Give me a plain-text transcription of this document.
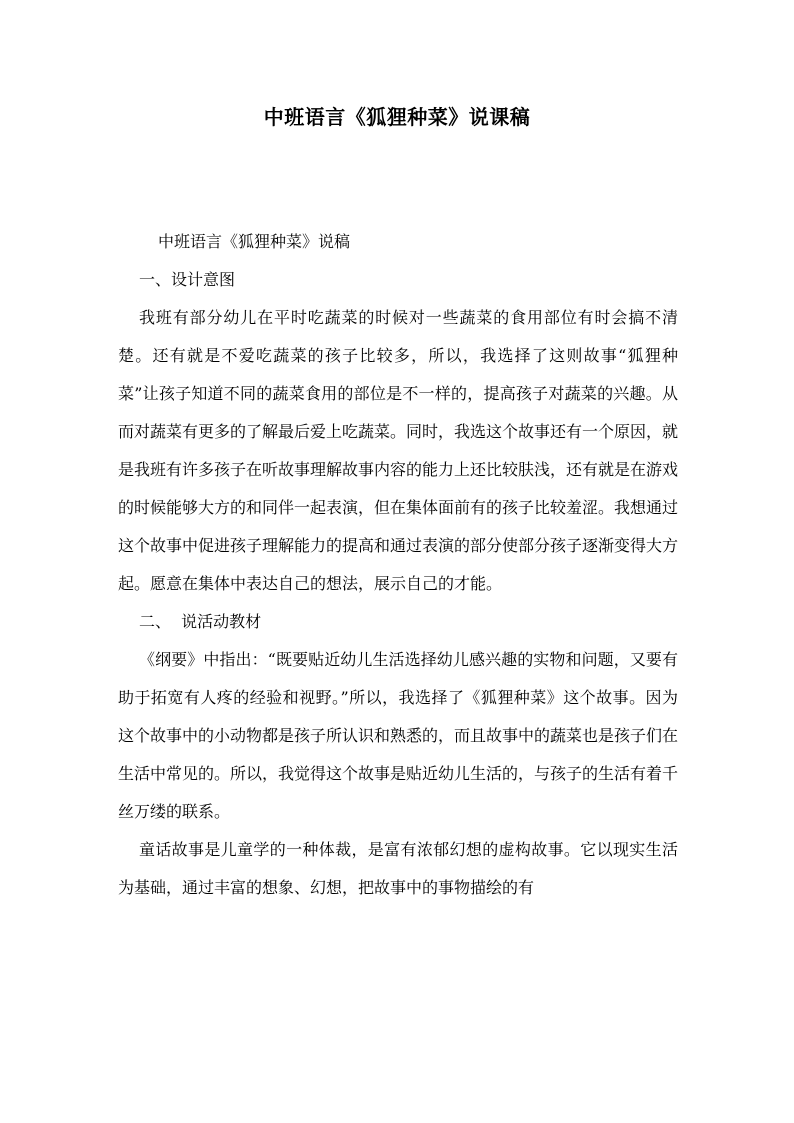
中班语言《狐狸种菜》说课稿

中班语言《狐狸种菜》说稿

一、设计意图

我班有部分幼儿在平时吃蔬菜的时候对一些蔬菜的食用部位有时会搞不清楚。还有就是不爱吃蔬菜的孩子比较多，所以，我选择了这则故事“狐狸种菜”让孩子知道不同的蔬菜食用的部位是不一样的，提高孩子对蔬菜的兴趣。从而对蔬菜有更多的了解最后爱上吃蔬菜。同时，我选这个故事还有一个原因，就是我班有许多孩子在听故事理解故事内容的能力上还比较肤浅，还有就是在游戏的时候能够大方的和同伴一起表演，但在集体面前有的孩子比较羞涩。我想通过这个故事中促进孩子理解能力的提高和通过表演的部分使部分孩子逐渐变得大方起。愿意在集体中表达自己的想法，展示自己的才能。

二、  说活动教材

《纲要》中指出：“既要贴近幼儿生活选择幼儿感兴趣的实物和问题，又要有助于拓宽有人疼的经验和视野。”所以，我选择了《狐狸种菜》这个故事。因为这个故事中的小动物都是孩子所认识和熟悉的，而且故事中的蔬菜也是孩子们在生活中常见的。所以，我觉得这个故事是贴近幼儿生活的，与孩子的生活有着千丝万缕的联系。

童话故事是儿童学的一种体裁，是富有浓郁幻想的虚构故事。它以现实生活为基础，通过丰富的想象、幻想，把故事中的事物描绘的有
